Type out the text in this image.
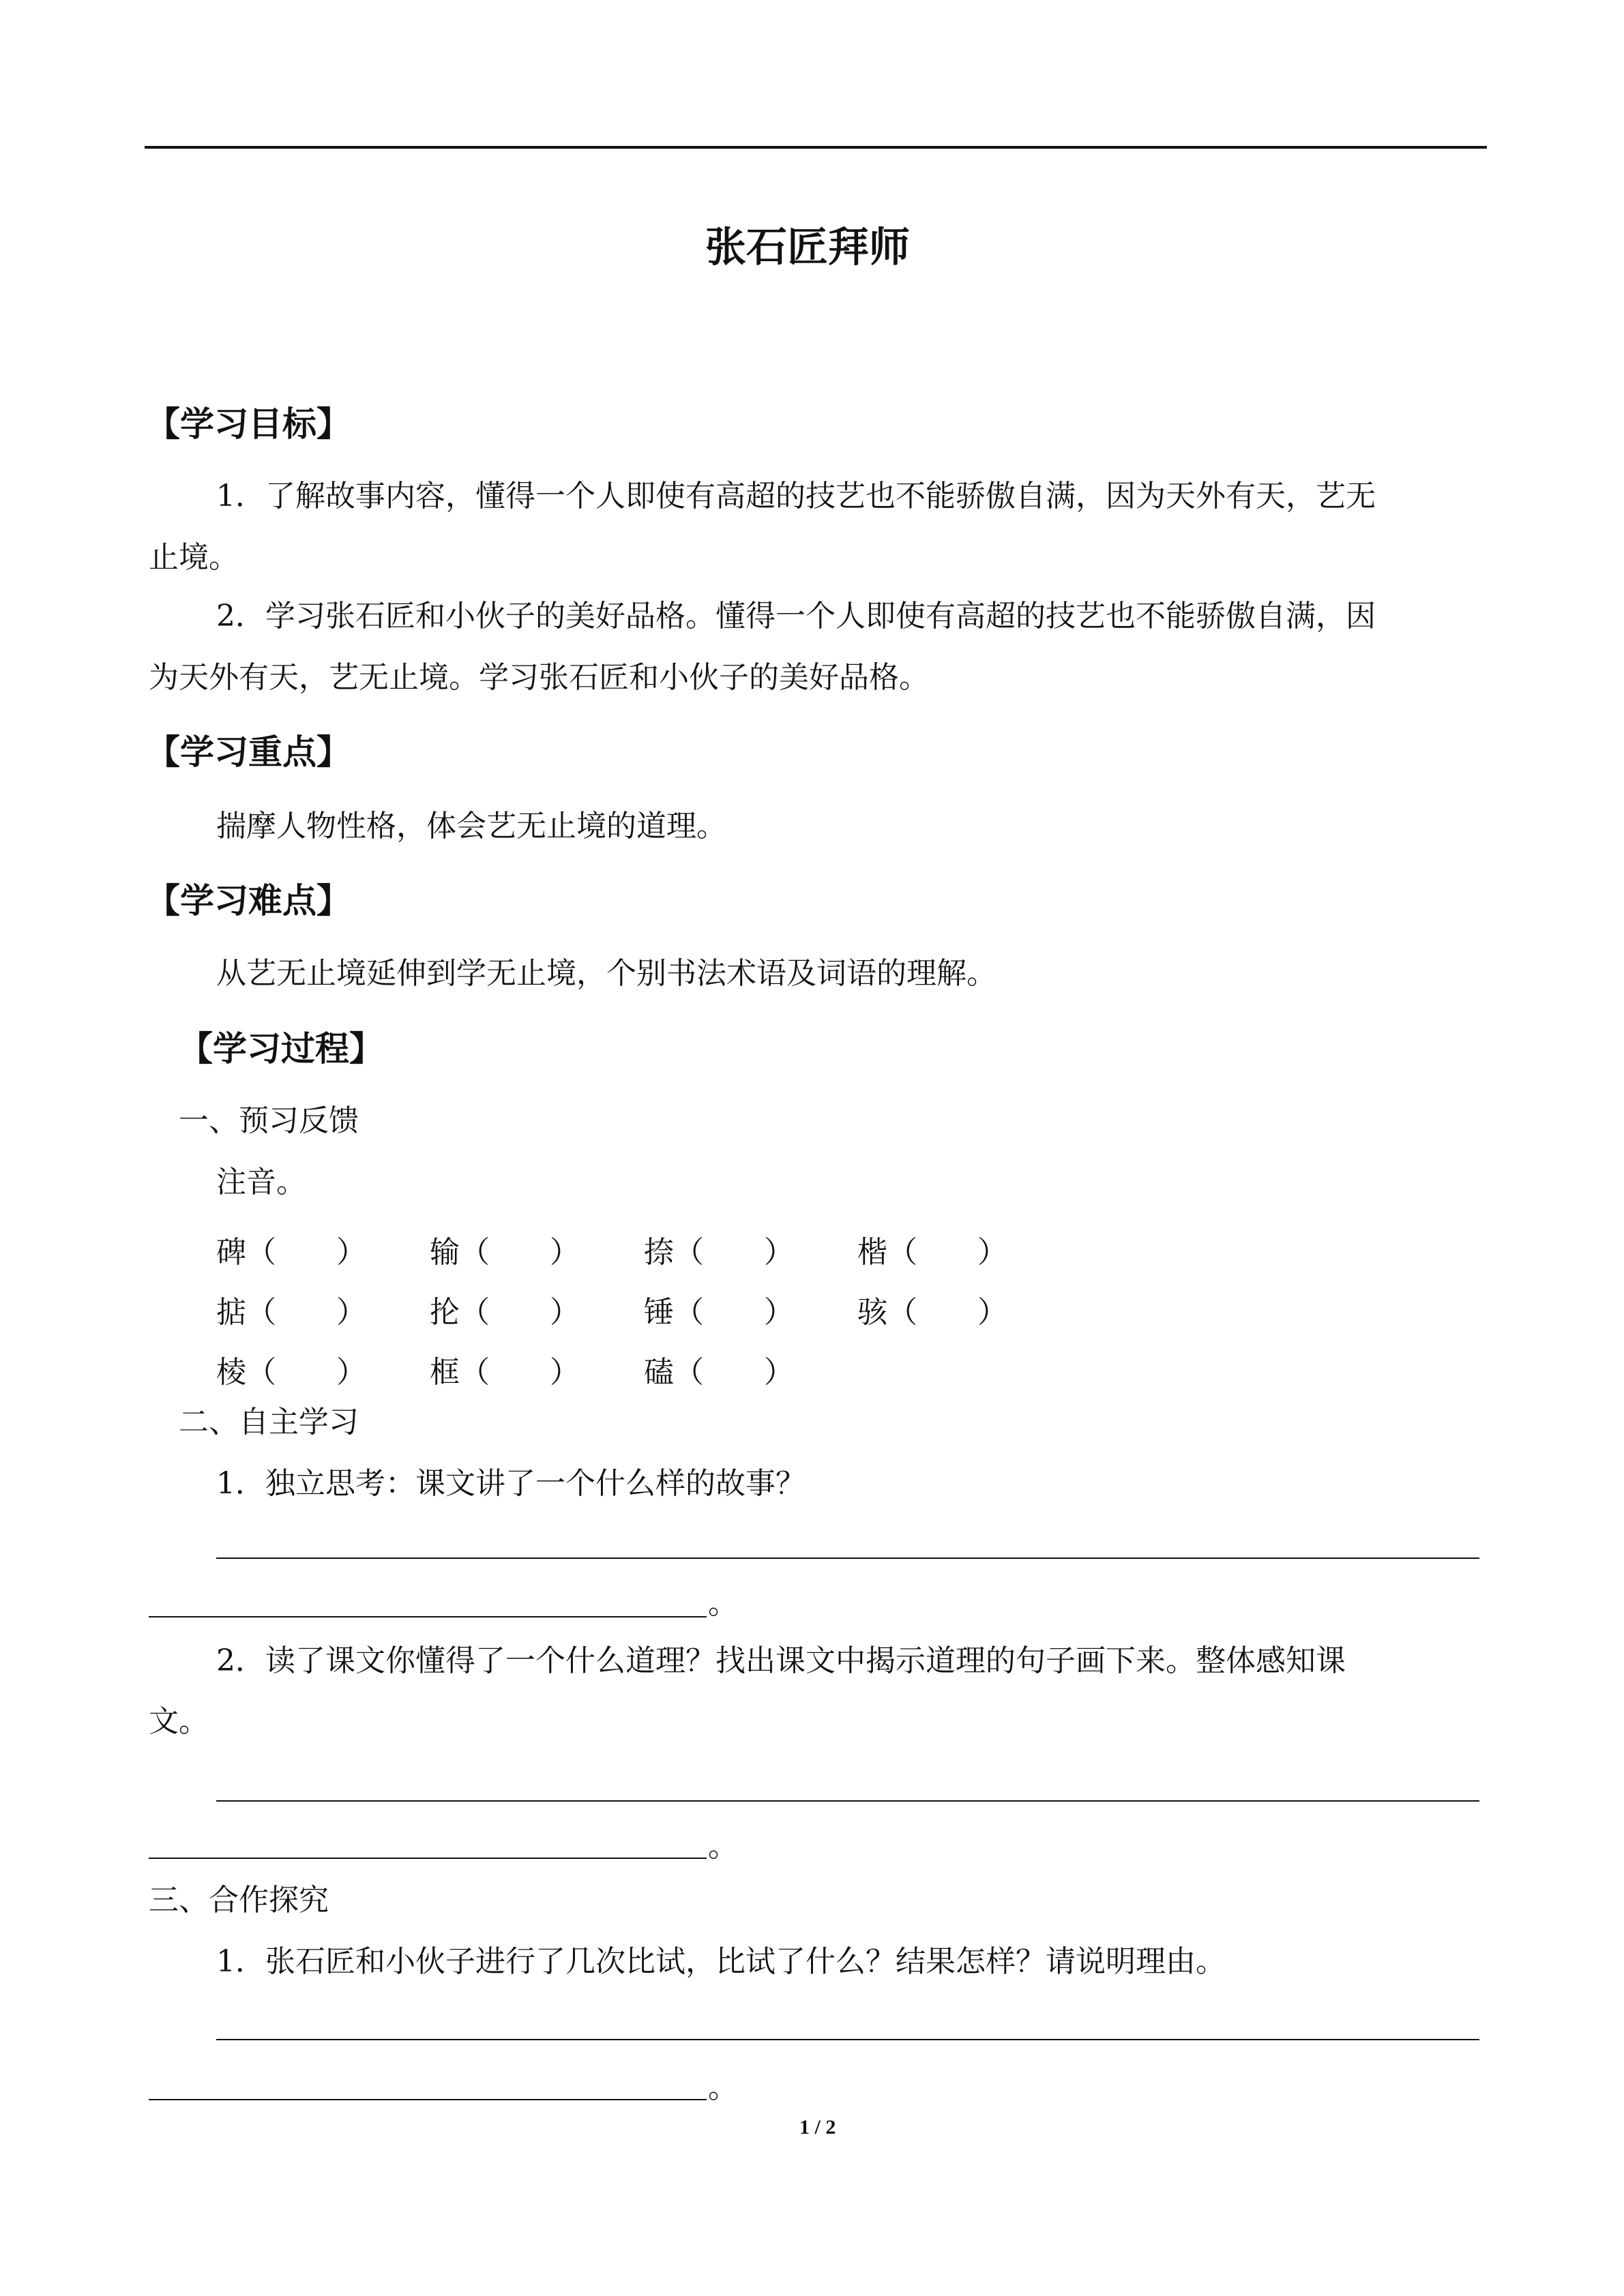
张石匠拜师
【学习目标】
1．了解故事内容，懂得一个人即使有高超的技艺也不能骄傲自满，因为天外有天，艺无
止境。
2．学习张石匠和小伙子的美好品格。懂得一个人即使有高超的技艺也不能骄傲自满，因
为天外有天，艺无止境。学习张石匠和小伙子的美好品格。
【学习重点】
揣摩人物性格，体会艺无止境的道理。
【学习难点】
从艺无止境延伸到学无止境，个别书法术语及词语的理解。
【学习过程】
一、预习反馈
注音。
碑（　　） 输（　　） 捺（　　） 楷（　　）
掂（　　） 抡（　　） 锤（　　） 骇（　　）
棱（　　） 框（　　） 磕（　　）
二、自主学习
1．独立思考：课文讲了一个什么样的故事？
。
2．读了课文你懂得了一个什么道理？找出课文中揭示道理的句子画下来。整体感知课
文。
。
三、合作探究
1．张石匠和小伙子进行了几次比试，比试了什么？结果怎样？请说明理由。
。
1 / 2
